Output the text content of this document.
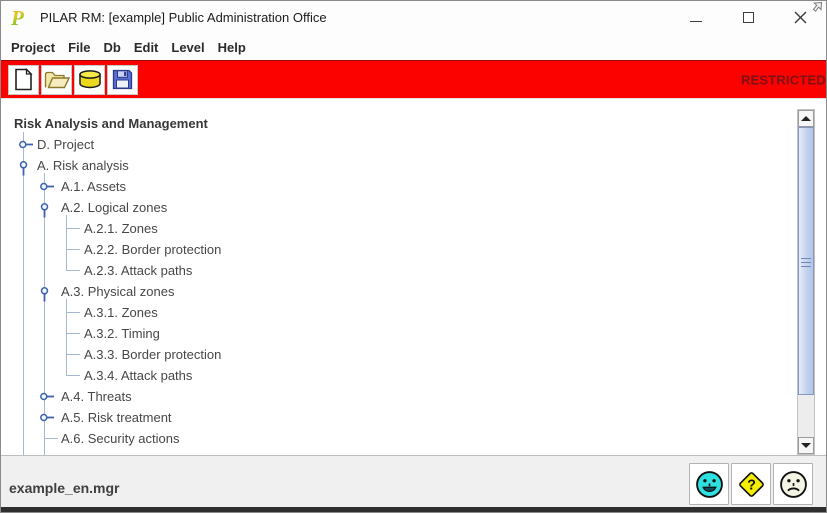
P PILAR RM: [example] Public Administration Office
Project File Db Edit Level Help
RESTRICTED
Risk Analysis and Management
D. Project
A. Risk analysis
A.1. Assets
A.2. Logical zones
A.2.1. Zones
A.2.2. Border protection
A.2.3. Attack paths
A.3. Physical zones
A.3.1. Zones
A.3.2. Timing
A.3.3. Border protection
A.3.4. Attack paths
A.4. Threats
A.5. Risk treatment
A.6. Security actions
example_en.mgr	?
